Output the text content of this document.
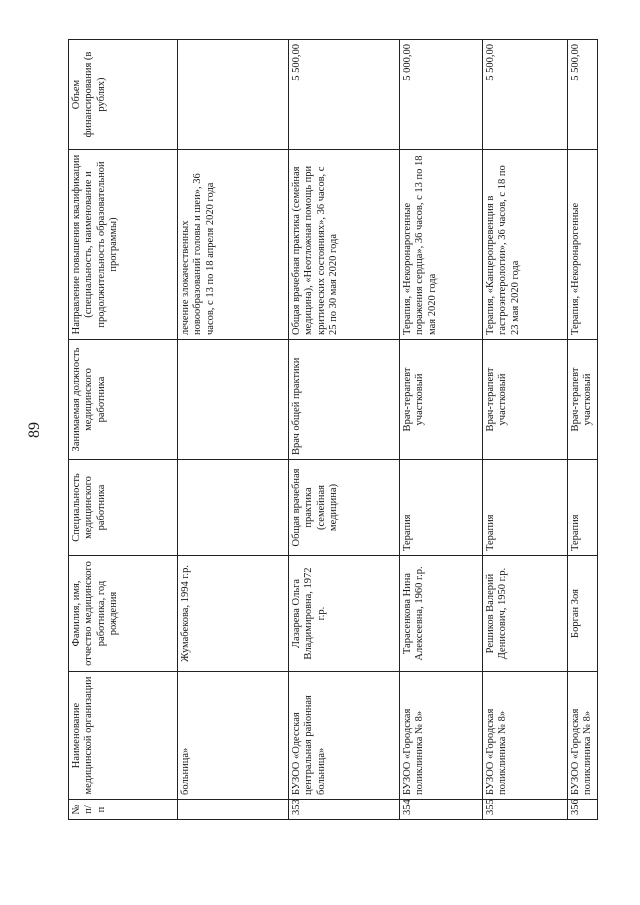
89
№ п/п	Наименование медицинской организации	Фамилия, имя, отчество медицинского работника, год рождения	Специальность медицинского работника	Занимаемая должность медицинского работника	Направление повышения квалификации (специальность, наименование и продолжительность образовательной программы)	Объем финансирования (в рублях)
	больница»	Жумабекова, 1994 г.р.			лечение злокачественных новообразований головы и шеи», 36 часов, с 13 по 18 апреля 2020 года	
353	БУЗОО «Одесская центральная районная больница»	Лазарева Ольга Владимировна, 1972 г.р.	Общая врачебная практика (семейная медицина)	Врач общей практики	Общая врачебная практика (семейная медицина), «Неотложная помощь при критических состояниях», 36 часов, с 25 по 30 мая 2020 года	5 500,00
354	БУЗОО «Городская поликлиника № 8»	Тарасенкова Нина Алексеевна, 1960 г.р.	Терапия	Врач-терапевт участковый	Терапия, «Некоронарогенные поражения сердца», 36 часов, с 13 по 18 мая 2020 года	5 000,00
355	БУЗОО «Городская поликлиника № 8»	Решиков Валерий Денисович, 1950 г.р.	Терапия	Врач-терапевт участковый	Терапия, «Канцеропревенция в гастроэнтерологии», 36 часов, с 18 по 23 мая 2020 года	5 500,00
356	БУЗОО «Городская поликлиника № 8»	Борган Зоя	Терапия	Врач-терапевт участковый	Терапия, «Некоронарогенные	5 500,00
